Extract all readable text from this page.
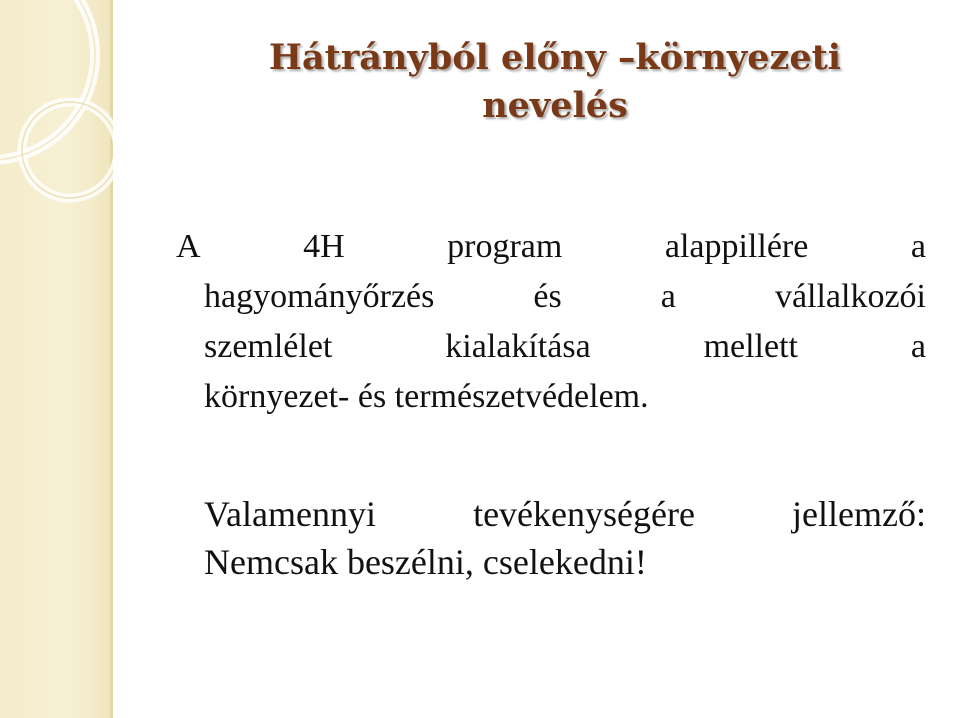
Hátrányból előny –környezeti
nevelés
A	4H	program	alappillére	a
hagyományőrzés	és	a	vállalkozói
szemlélet	kialakítása	mellett	a
környezet- és természetvédelem.
Valamennyi	tevékenységére	jellemző:
Nemcsak beszélni, cselekedni!
